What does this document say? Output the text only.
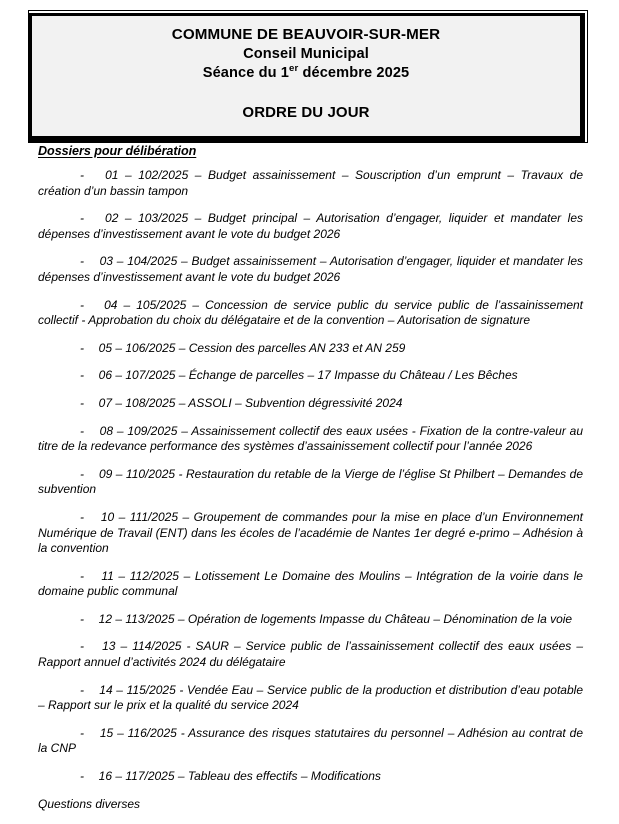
COMMUNE DE BEAUVOIR-SUR-MER
Conseil Municipal
Séance du 1er décembre 2025
ORDRE DU JOUR
Dossiers pour délibération

- 01 – 102/2025 – Budget assainissement – Souscription d’un emprunt – Travaux de création d’un bassin tampon

- 02 – 103/2025 – Budget principal – Autorisation d’engager, liquider et mandater les dépenses d’investissement avant le vote du budget 2026

- 03 – 104/2025 – Budget assainissement – Autorisation d’engager, liquider et mandater les dépenses d’investissement avant le vote du budget 2026

- 04 – 105/2025 – Concession de service public du service public de l’assainissement collectif - Approbation du choix du délégataire et de la convention – Autorisation de signature

- 05 – 106/2025 – Cession des parcelles AN 233 et AN 259

- 06 – 107/2025 – Échange de parcelles – 17 Impasse du Château / Les Bêches

- 07 – 108/2025 – ASSOLI – Subvention dégressivité 2024

- 08 – 109/2025 – Assainissement collectif des eaux usées - Fixation de la contre-valeur au titre de la redevance performance des systèmes d’assainissement collectif pour l’année 2026

- 09 – 110/2025 - Restauration du retable de la Vierge de l’église St Philbert – Demandes de subvention

- 10 – 111/2025 – Groupement de commandes pour la mise en place d’un Environnement Numérique de Travail (ENT) dans les écoles de l’académie de Nantes 1er degré e-primo – Adhésion à la convention

- 11 – 112/2025 – Lotissement Le Domaine des Moulins – Intégration de la voirie dans le domaine public communal

- 12 – 113/2025 – Opération de logements Impasse du Château – Dénomination de la voie

- 13 – 114/2025 - SAUR – Service public de l’assainissement collectif des eaux usées – Rapport annuel d’activités 2024 du délégataire

- 14 – 115/2025 - Vendée Eau – Service public de la production et distribution d’eau potable – Rapport sur le prix et la qualité du service 2024

- 15 – 116/2025 - Assurance des risques statutaires du personnel – Adhésion au contrat de la CNP

- 16 – 117/2025 – Tableau des effectifs – Modifications

Questions diverses
